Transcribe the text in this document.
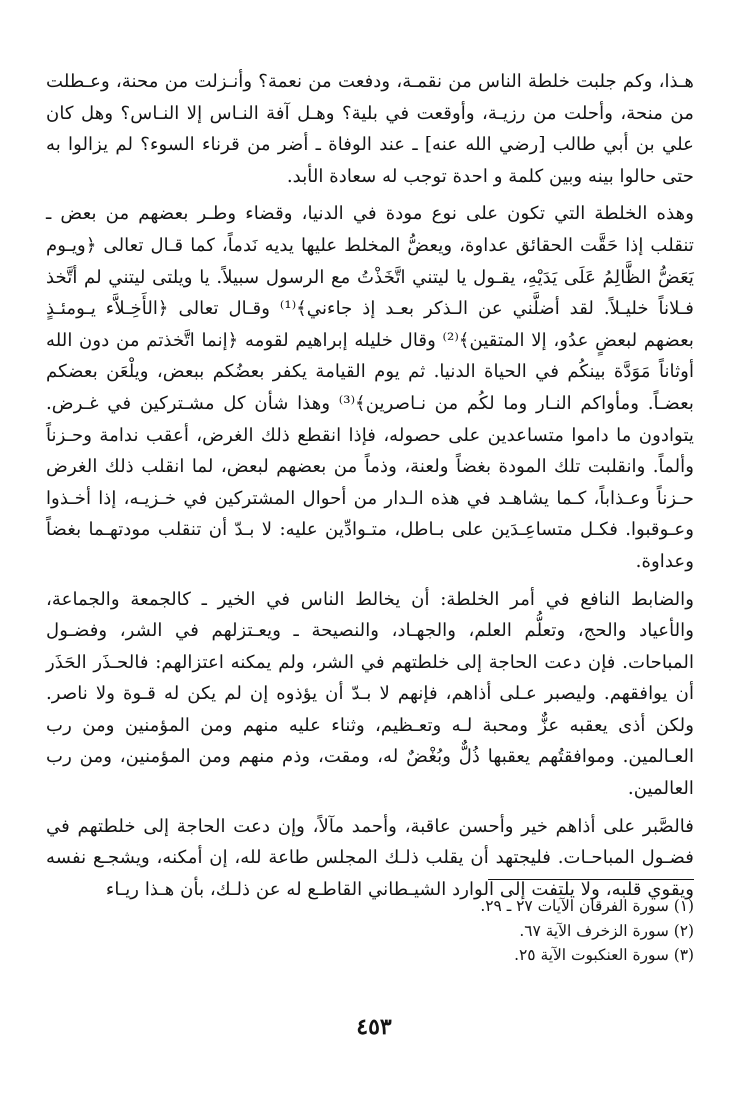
هـذا، وكم جلبت خلطة الناس من نقمـة، ودفعت من نعمة؟ وأنـزلت من محنة، وعـطلت من منحة، وأحلت من رزيـة، وأوقعت في بلية؟ وهـل آفة النـاس إلا النـاس؟ وهل كان علي بن أبي طالب [رضي الله عنه] ـ عند الوفاة ـ أضر من قرناء السوء؟ لم يزالوا به حتى حالوا بينه وبين كلمة و احدة توجب له سعادة الأبد.

وهذه الخلطة التي تكون على نوع مودة في الدنيا، وقضاء وطـر بعضهم من بعض ـ تنقلب إذا حَقَّت الحقائق عداوة، ويعضُّ المخلط عليها يديه نَدماً، كما قـال تعالى ﴿ويـوم يَعَضُّ الظَّالِمُ عَلَى يَدَيْهِ، يقـول يا ليتني اتَّخَذْتُ مع الرسول سبيلاً. يا ويلتى ليتني لم أتَّخذ فـلاناً خليـلاً. لقد أضلَّني عن الـذكر بعـد إذ جاءني﴾⁽¹⁾ وقـال تعالى ﴿الأَخِـلاَّء يـومئـذٍ بعضهم لبعضٍ عدُو، إلا المتقين﴾⁽²⁾ وقال خليله إبراهيم لقومه ﴿إنما اتَّخذتم من دون الله أوثاناً مَوَدَّة بينكُم في الحياة الدنيا. ثم يوم القيامة يكفر بعضُكم ببعض، ويلْعَن بعضكم بعضـاً. ومأواكم النـار وما لكُم من نـاصرين﴾⁽³⁾ وهذا شأن كل مشـتركين في غـرض. يتوادون ما داموا متساعدين على حصوله، فإذا انقطع ذلك الغرض، أعقب ندامة وحـزناً وألماً. وانقلبت تلك المودة بغضاً ولعنة، وذماً من بعضهم لبعض، لما انقلب ذلك الغرض حـزناً وعـذاباً، كـما يشاهـد في هذه الـدار من أحوال المشتركين في خـزيـه، إذا أخـذوا وعـوقبوا. فكـل متساعِـدَين على بـاطل، متـوادِّين عليه: لا بـدّ أن تنقلب مودتهـما بغضاً وعداوة.

والضابط النافع في أمر الخلطة: أن يخالط الناس في الخير ـ كالجمعة والجماعة، والأعياد والحج، وتعلُّم العلم، والجهـاد، والنصيحة ـ ويعـتزلهم في الشر، وفضـول المباحات. فإن دعت الحاجة إلى خلطتهم في الشر، ولم يمكنه اعتزالهم: فالحـذَر الحَذَر أن يوافقهم. وليصبر عـلى أذاهم، فإنهم لا بـدّ أن يؤذوه إن لم يكن له قـوة ولا ناصر. ولكن أذى يعقبه عزٌّ ومحبة لـه وتعـظيم، وثناء عليه منهم ومن المؤمنين ومن رب العـالمين. وموافقتُهم يعقبها ذُلٌّ وبُغْضٌ له، ومقت، وذم منهم ومن المؤمنين، ومن رب العالمين.

فالصَّبر على أذاهم خير وأحسن عاقبة، وأحمد مآلاً، وإن دعت الحاجة إلى خلطتهم في فضـول المباحـات. فليجتهد أن يقلب ذلـك المجلس طاعة لله، إن أمكنه، ويشجـع نفسه ويقوي قلبه، ولا يلتفت إلى الوارد الشيـطاني القاطـع له عن ذلـك، بأن هـذا ريـاء

(١) سورة الفرقان الآيات ٢٧ ـ ٢٩.
(٢) سورة الزخرف الآية ٦٧.
(٣) سورة العنكبوت الآية ٢٥.
٤٥٣
